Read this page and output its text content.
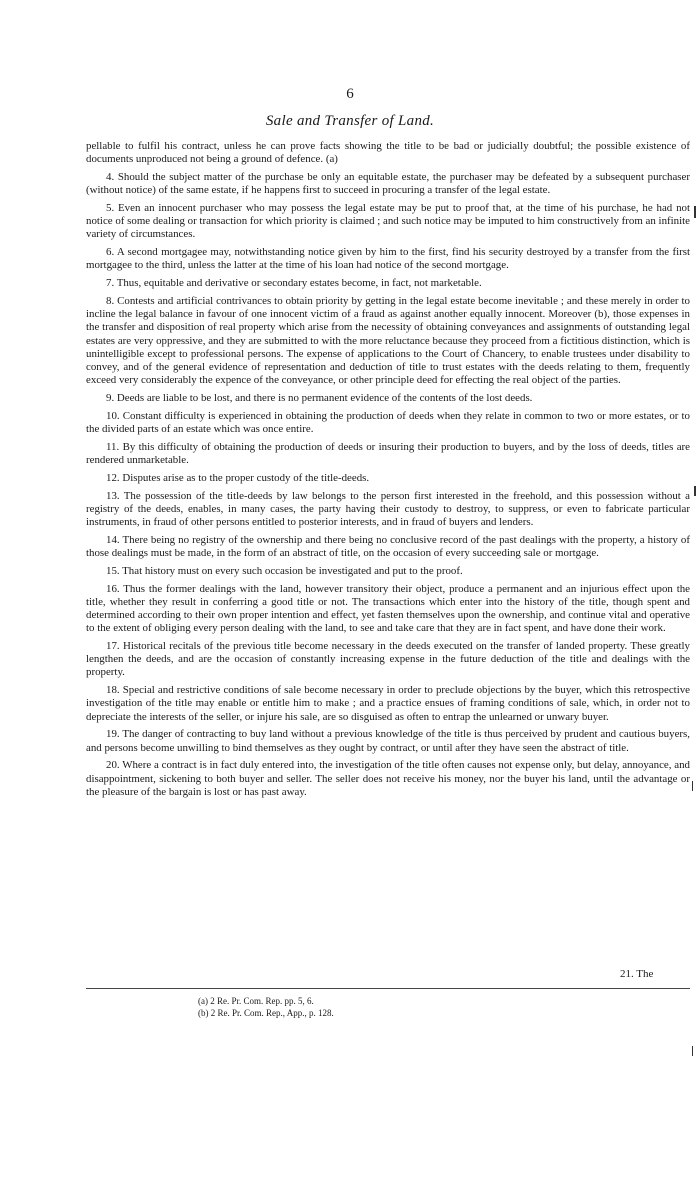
6
Sale and Transfer of Land.

pellable to fulfil his contract, unless he can prove facts showing the title to be bad or judicially doubtful; the possible existence of documents unproduced not being a ground of defence. (a)

4. Should the subject matter of the purchase be only an equitable estate, the purchaser may be defeated by a subsequent purchaser (without notice) of the same estate, if he happens first to succeed in procuring a transfer of the legal estate.

5. Even an innocent purchaser who may possess the legal estate may be put to proof that, at the time of his purchase, he had not notice of some dealing or transaction for which priority is claimed ; and such notice may be imputed to him constructively from an infinite variety of circumstances.

6. A second mortgagee may, notwithstanding notice given by him to the first, find his security destroyed by a transfer from the first mortgagee to the third, unless the latter at the time of his loan had notice of the second mortgage.

7. Thus, equitable and derivative or secondary estates become, in fact, not marketable.

8. Contests and artificial contrivances to obtain priority by getting in the legal estate become inevitable ; and these merely in order to incline the legal balance in favour of one innocent victim of a fraud as against another equally innocent. Moreover (b), those expenses in the transfer and disposition of real property which arise from the necessity of obtaining conveyances and assignments of outstanding legal estates are very oppressive, and they are submitted to with the more reluctance because they proceed from a fictitious distinction, which is unintelligible except to professional persons. The expense of applications to the Court of Chancery, to enable trustees under disability to convey, and of the general evidence of representation and deduction of title to trust estates with the deeds relating to them, frequently exceed very considerably the expence of the conveyance, or other principle deed for effecting the real object of the parties.

9. Deeds are liable to be lost, and there is no permanent evidence of the contents of the lost deeds.

10. Constant difficulty is experienced in obtaining the production of deeds when they relate in common to two or more estates, or to the divided parts of an estate which was once entire.

11. By this difficulty of obtaining the production of deeds or insuring their production to buyers, and by the loss of deeds, titles are rendered unmarketable.

12. Disputes arise as to the proper custody of the title-deeds.

13. The possession of the title-deeds by law belongs to the person first interested in the freehold, and this possession without a registry of the deeds, enables, in many cases, the party having their custody to destroy, to suppress, or even to fabricate particular instruments, in fraud of other persons entitled to posterior interests, and in fraud of buyers and lenders.

14. There being no registry of the ownership and there being no conclusive record of the past dealings with the property, a history of those dealings must be made, in the form of an abstract of title, on the occasion of every succeeding sale or mortgage.

15. That history must on every such occasion be investigated and put to the proof.

16. Thus the former dealings with the land, however transitory their object, produce a permanent and an injurious effect upon the title, whether they result in conferring a good title or not. The transactions which enter into the history of the title, though spent and determined according to their own proper intention and effect, yet fasten themselves upon the ownership, and continue vital and operative to the extent of obliging every person dealing with the land, to see and take care that they are in fact spent, and have done their work.

17. Historical recitals of the previous title become necessary in the deeds executed on the transfer of landed property. These greatly lengthen the deeds, and are the occasion of constantly increasing expense in the future deduction of the title and dealings with the property.

18. Special and restrictive conditions of sale become necessary in order to preclude objections by the buyer, which this retrospective investigation of the title may enable or entitle him to make ; and a practice ensues of framing conditions of sale, which, in order not to depreciate the interests of the seller, or injure his sale, are so disguised as often to entrap the unlearned or unwary buyer.

19. The danger of contracting to buy land without a previous knowledge of the title is thus perceived by prudent and cautious buyers, and persons become unwilling to bind themselves as they ought by contract, or until after they have seen the abstract of title.

20. Where a contract is in fact duly entered into, the investigation of the title often causes not expense only, but delay, annoyance, and disappointment, sickening to both buyer and seller. The seller does not receive his money, nor the buyer his land, until the advantage or the pleasure of the bargain is lost or has past away.

21. The
(a) 2 Re. Pr. Com. Rep. pp. 5, 6.
(b) 2 Re. Pr. Com. Rep., App., p. 128.
